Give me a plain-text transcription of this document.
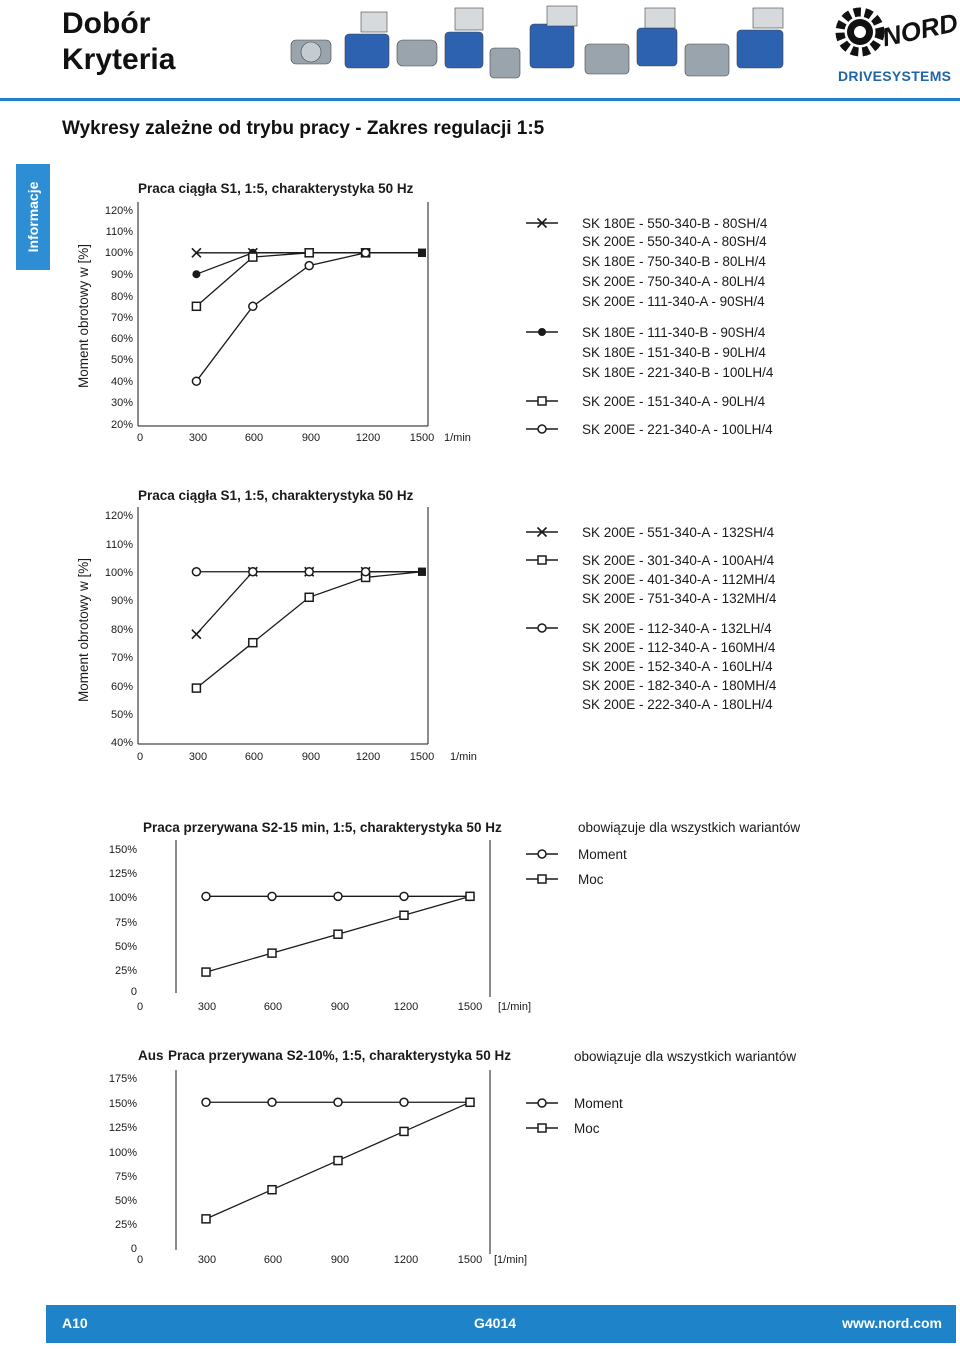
Dobór
Kryteria
NORD
DRIVESYSTEMS
Wykresy zależne od trybu pracy - Zakres regulacji 1:5
Informacje	Praca ciągła S1, 1:5, charakterystyka 50 Hz
Moment obrotowy w [%]
120%
110%
100%
90%
80%
70%
60%
50%
40%
30%
20%
0	300	600	900	1200	1500 1/min
SK 180E - 550-340-B - 80SH/4
SK 200E - 550-340-A - 80SH/4
SK 180E - 750-340-B - 80LH/4
SK 200E - 750-340-A - 80LH/4
SK 200E - 111-340-A - 90SH/4
SK 180E - 111-340-B - 90SH/4
SK 180E - 151-340-B - 90LH/4
SK 180E - 221-340-B - 100LH/4
SK 200E - 151-340-A - 90LH/4
SK 200E - 221-340-A - 100LH/4
Praca ciągła S1, 1:5, charakterystyka 50 Hz
Moment obrotowy w [%]
120%
110%
100%
90%
80%
70%
60%
50%
40%
0	300	600	900	1200	1500 1/min
SK 200E - 551-340-A - 132SH/4
SK 200E - 301-340-A - 100AH/4
SK 200E - 401-340-A - 112MH/4
SK 200E - 751-340-A - 132MH/4
SK 200E - 112-340-A - 132LH/4
SK 200E - 112-340-A - 160MH/4
SK 200E - 152-340-A - 160LH/4
SK 200E - 182-340-A - 180MH/4
SK 200E - 222-340-A - 180LH/4
Praca przerywana S2-15 min, 1:5, charakterystyka 50 Hz	obowiązuje dla wszystkich wariantów
150%
125%
100%
75%
50%
25%
0
0	300	600	900	1200	1500 [1/min]
Moment
Moc
Aus Praca przerywana S2-10%, 1:5, charakterystyka 50 Hz	obowiązuje dla wszystkich wariantów
175%
150%
125%
100%
75%
50%
25%
0
0	300	600	900	1200	1500 [1/min]
Moment
Moc
A10	G4014	www.nord.com
